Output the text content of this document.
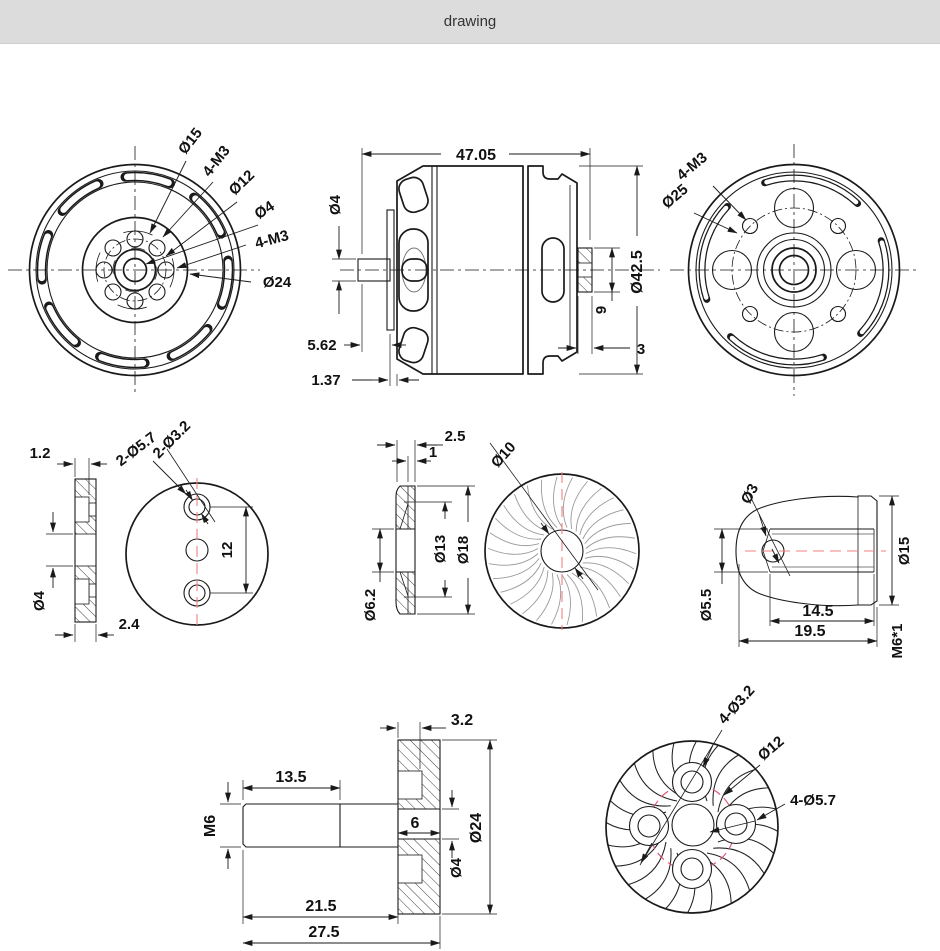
drawing
Ø15
4-M3
Ø12
Ø4
4-M3
Ø24
47.05
Ø4
Ø42.5
9
3
5.62
1.37
4-M3
Ø25
1.2
Ø4
2.4
2-Ø3.2
2-Ø5.7
12
2.5
1
Ø13 Ø18
Ø6.2
Ø10
Ø3
Ø5.5	14.5
19.5
Ø15
M6*1
3.2
13.5
M6	6
Ø4
Ø24
21.5
27.5
4-Ø3.2
Ø12
4-Ø5.7
